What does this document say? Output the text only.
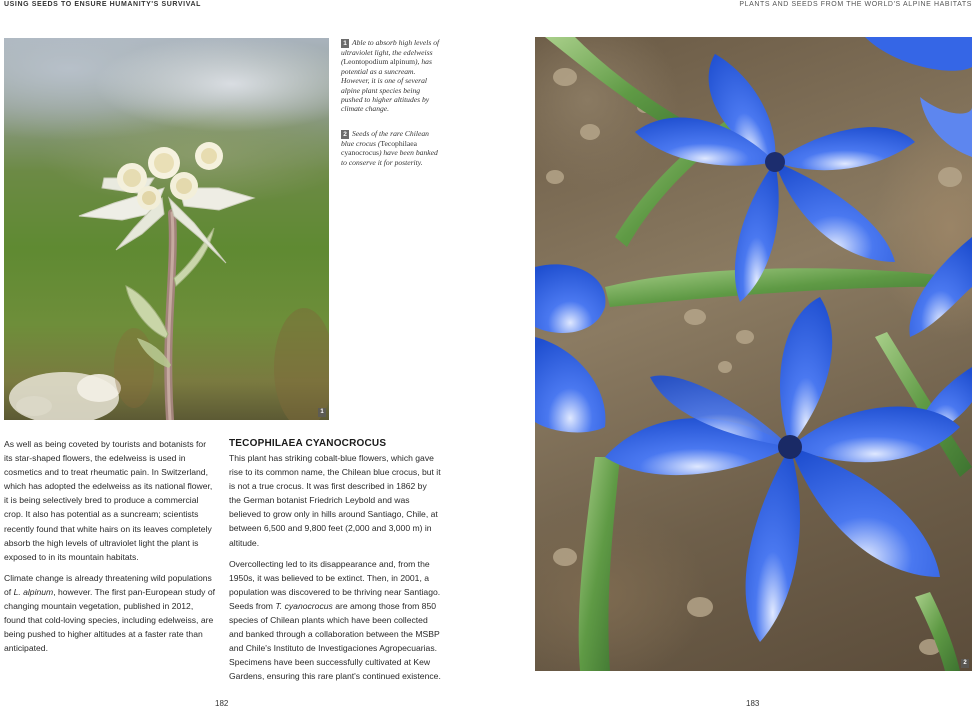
USING SEEDS TO ENSURE HUMANITY'S SURVIVAL	PLANTS AND SEEDS FROM THE WORLD'S ALPINE HABITATS
1
1 Able to absorb high levels of ultraviolet light, the edelweiss (Leontopodium alpinum), has potential as a suncream. However, it is one of several alpine plant species being pushed to higher altitudes by climate change.
2 Seeds of the rare Chilean blue crocus (Tecophilaea cyanocrocus) have been banked to conserve it for posterity.

As well as being coveted by tourists and botanists for its star-shaped flowers, the edelweiss is used in cosmetics and to treat rheumatic pain. In Switzerland, which has adopted the edelweiss as its national flower, it is being selectively bred to produce a commercial crop. It also has potential as a suncream; scientists recently found that white hairs on its leaves completely absorb the high levels of ultraviolet light the plant is exposed to in its mountain habitats.

Climate change is already threatening wild populations of L. alpinum, however. The first pan-European study of changing mountain vegetation, published in 2012, found that cold-loving species, including edelweiss, are being pushed to higher altitudes at a faster rate than anticipated.

TECOPHILAEA CYANOCROCUS

This plant has striking cobalt-blue flowers, which gave rise to its common name, the Chilean blue crocus, but it is not a true crocus. It was first described in 1862 by the German botanist Friedrich Leybold and was believed to grow only in hills around Santiago, Chile, at between 6,500 and 9,800 feet (2,000 and 3,000 m) in altitude.

Overcollecting led to its disappearance and, from the 1950s, it was believed to be extinct. Then, in 2001, a population was discovered to be thriving near Santiago. Seeds from T. cyanocrocus are among those from 850 species of Chilean plants which have been collected and banked through a collaboration between the MSBP and Chile's Instituto de Investigaciones Agropecuarias. Specimens have been successfully cultivated at Kew Gardens, ensuring this rare plant's continued existence.

2
182	183
